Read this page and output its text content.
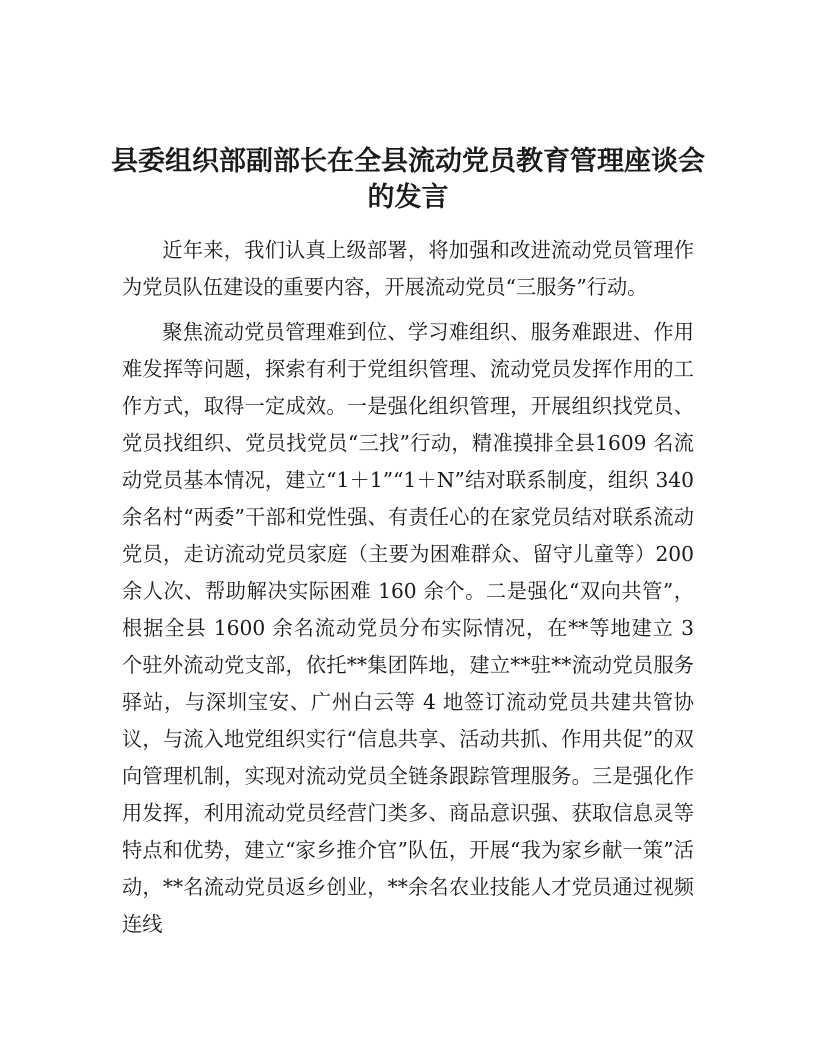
县委组织部副部长在全县流动党员教育管理座谈会的发言

近年来，我们认真上级部署，将加强和改进流动党员管理作为党员队伍建设的重要内容，开展流动党员“三服务”行动。

聚焦流动党员管理难到位、学习难组织、服务难跟进、作用难发挥等问题，探索有利于党组织管理、流动党员发挥作用的工作方式，取得一定成效。一是强化组织管理，开展组织找党员、党员找组织、党员找党员“三找”行动，精准摸排全县1609 名流动党员基本情况，建立“1＋1”“1＋N”结对联系制度，组织 340 余名村“两委”干部和党性强、有责任心的在家党员结对联系流动党员，走访流动党员家庭（主要为困难群众、留守儿童等）200 余人次、帮助解决实际困难 160 余个。二是强化“双向共管”，根据全县 1600 余名流动党员分布实际情况，在**等地建立 3 个驻外流动党支部，依托**集团阵地，建立**驻**流动党员服务驿站，与深圳宝安、广州白云等 4 地签订流动党员共建共管协议，与流入地党组织实行“信息共享、活动共抓、作用共促”的双向管理机制，实现对流动党员全链条跟踪管理服务。三是强化作用发挥，利用流动党员经营门类多、商品意识强、获取信息灵等特点和优势，建立“家乡推介官”队伍，开展“我为家乡献一策”活动，**名流动党员返乡创业，**余名农业技能人才党员通过视频连线
